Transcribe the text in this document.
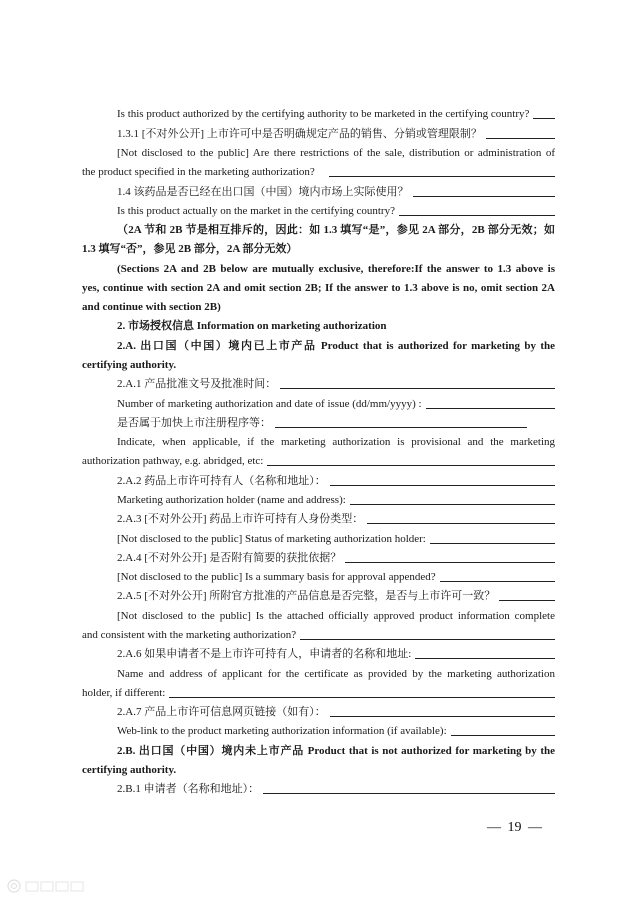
Is this product authorized by the certifying authority to be marketed in the certifying country?
1.3.1 [不对外公开] 上市许可中是否明确规定产品的销售、分销或管理限制？
[Not disclosed to the public] Are there restrictions of the sale, distribution or administration of
the product specified in the marketing authorization?
1.4 该药品是否已经在出口国（中国）境内市场上实际使用？
Is this product actually on the market in the certifying country?
（2A 节和 2B 节是相互排斥的，因此：如 1.3 填写“是”，参见 2A 部分，2B 部分无效；如
1.3 填写“否”，参见 2B 部分，2A 部分无效）
(Sections 2A and 2B below are mutually exclusive, therefore:If the answer to 1.3 above is
yes, continue with section 2A and omit section 2B; If the answer to 1.3 above is no, omit section 2A
and continue with section 2B)
2. 市场授权信息 Information on marketing authorization
2.A. 出口国（中国）境内已上市产品 Product that is authorized for marketing by the
certifying authority.
2.A.1 产品批准文号及批准时间：
Number of marketing authorization and date of issue (dd/mm/yyyy) :
是否属于加快上市注册程序等：
Indicate, when applicable, if the marketing authorization is provisional and the marketing
authorization pathway, e.g. abridged, etc:
2.A.2 药品上市许可持有人（名称和地址）：
Marketing authorization holder (name and address):
2.A.3 [不对外公开] 药品上市许可持有人身份类型：
[Not disclosed to the public] Status of marketing authorization holder:
2.A.4 [不对外公开] 是否附有简要的获批依据？
[Not disclosed to the public] Is a summary basis for approval appended?
2.A.5 [不对外公开] 所附官方批准的产品信息是否完整，是否与上市许可一致？
[Not disclosed to the public] Is the attached officially approved product information complete
and consistent with the marketing authorization?
2.A.6 如果申请者不是上市许可持有人，申请者的名称和地址:
Name and address of applicant for the certificate as provided by the marketing authorization
holder, if different:
2.A.7 产品上市许可信息网页链接（如有）：
Web-link to the product marketing authorization information (if available):
2.B. 出口国（中国）境内未上市产品 Product that is not authorized for marketing by the
certifying authority.
2.B.1 申请者（名称和地址）：
— 19 —
